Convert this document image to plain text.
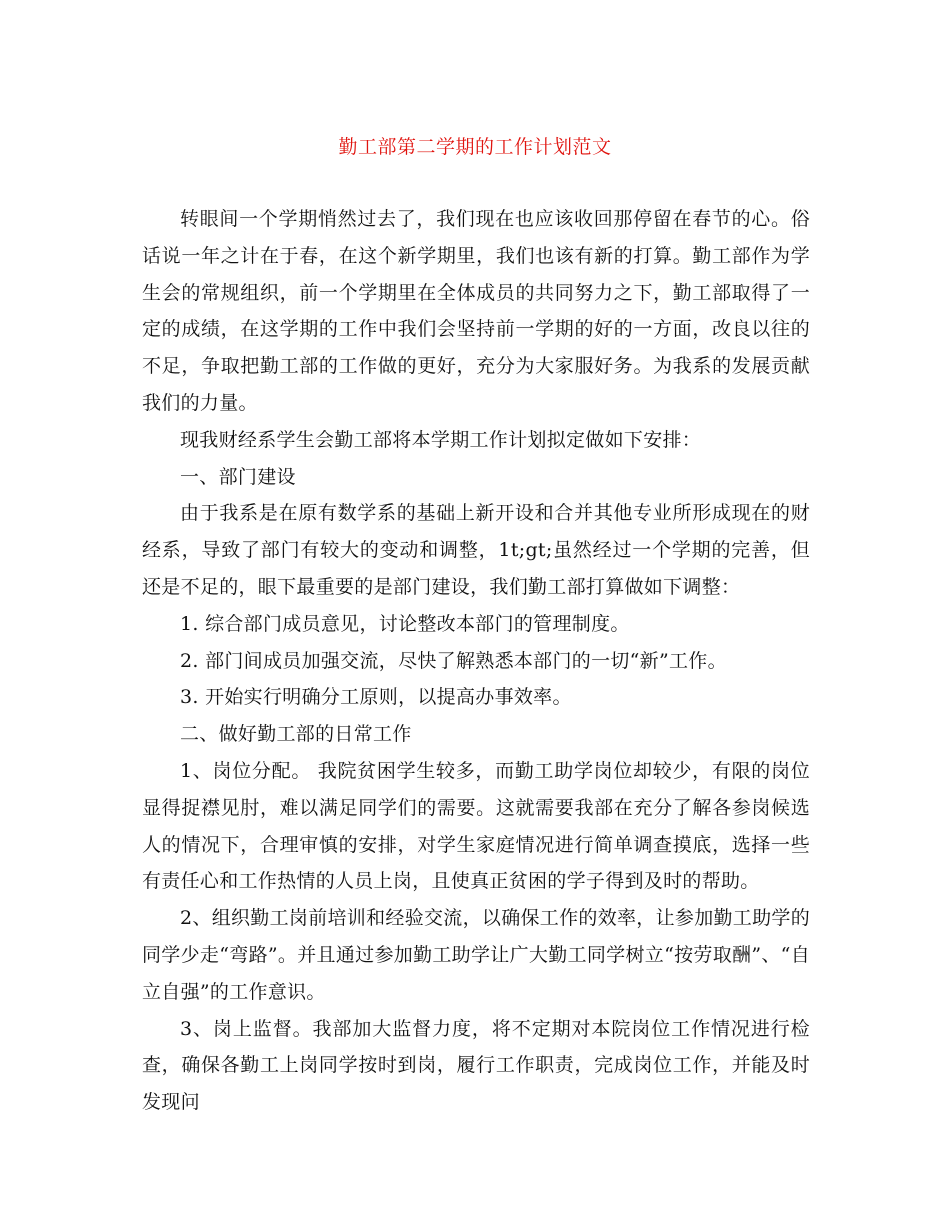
勤工部第二学期的工作计划范文

转眼间一个学期悄然过去了，我们现在也应该收回那停留在春节的心。俗话说一年之计在于春，在这个新学期里，我们也该有新的打算。勤工部作为学生会的常规组织，前一个学期里在全体成员的共同努力之下，勤工部取得了一定的成绩，在这学期的工作中我们会坚持前一学期的好的一方面，改良以往的不足，争取把勤工部的工作做的更好，充分为大家服好务。为我系的发展贡献我们的力量。

现我财经系学生会勤工部将本学期工作计划拟定做如下安排：

一、部门建设

由于我系是在原有数学系的基础上新开设和合并其他专业所形成现在的财经系，导致了部门有较大的变动和调整，1t;gt;虽然经过一个学期的完善，但还是不足的，眼下最重要的是部门建设，我们勤工部打算做如下调整：

1. 综合部门成员意见，讨论整改本部门的管理制度。

2. 部门间成员加强交流，尽快了解熟悉本部门的一切“新”工作。

3. 开始实行明确分工原则，以提高办事效率。

二、做好勤工部的日常工作

1、岗位分配。 我院贫困学生较多，而勤工助学岗位却较少，有限的岗位显得捉襟见肘，难以满足同学们的需要。这就需要我部在充分了解各参岗候选人的情况下，合理审慎的安排，对学生家庭情况进行简单调查摸底，选择一些有责任心和工作热情的人员上岗，且使真正贫困的学子得到及时的帮助。

2、组织勤工岗前培训和经验交流，以确保工作的效率，让参加勤工助学的同学少走“弯路”。并且通过参加勤工助学让广大勤工同学树立“按劳取酬”、“自立自强”的工作意识。

3、岗上监督。我部加大监督力度，将不定期对本院岗位工作情况进行检查，确保各勤工上岗同学按时到岗，履行工作职责，完成岗位工作，并能及时发现问
